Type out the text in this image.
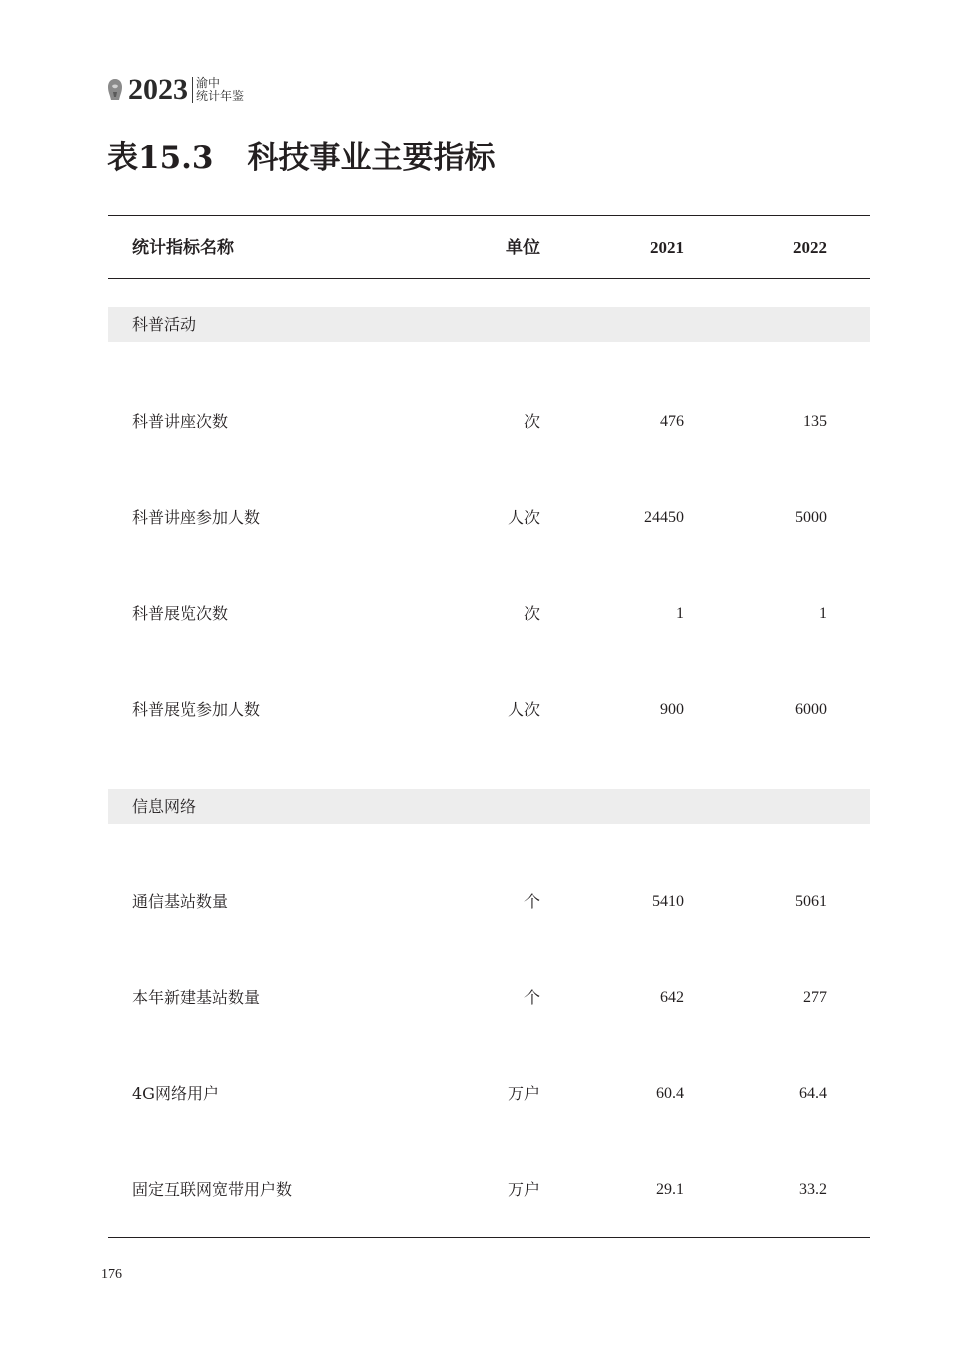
2023 渝中
统计年鉴
表15.3 科技事业主要指标
统计指标名称	单位	2021	2022
科普活动
科普讲座次数	次	476	135
科普讲座参加人数	人次	24450	5000
科普展览次数	次	1	1
科普展览参加人数	人次	900	6000
信息网络
通信基站数量	个	5410	5061
本年新建基站数量	个	642	277
4G网络用户	万户	60.4	64.4
固定互联网宽带用户数	万户	29.1	33.2
176
